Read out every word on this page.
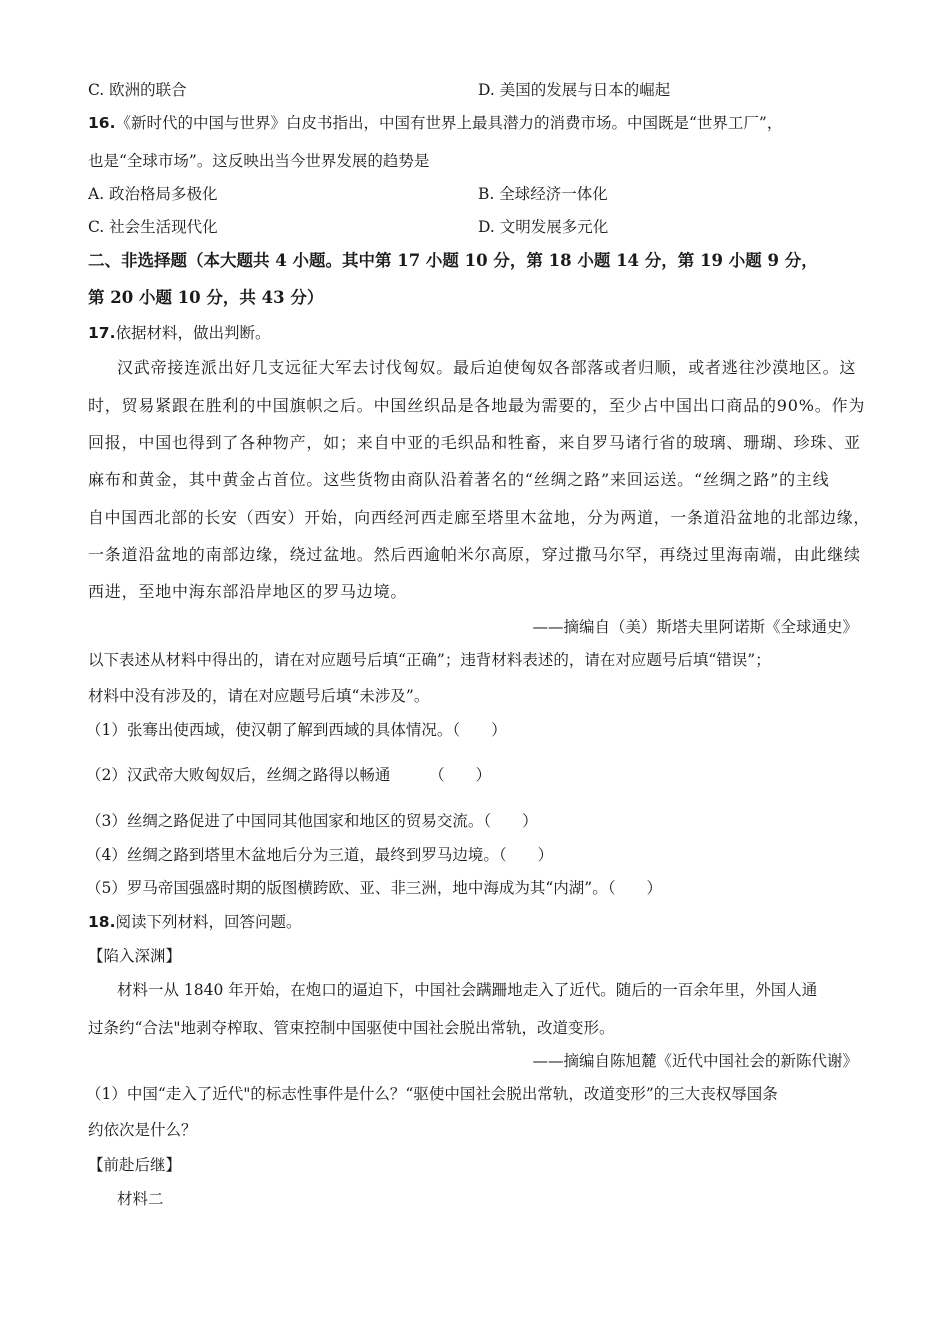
C. 欧洲的联合	D. 美国的发展与日本的崛起
16.《新时代的中国与世界》白皮书指出，中国有世界上最具潜力的消费市场。中国既是“世界工厂”，
也是“全球市场”。这反映出当今世界发展的趋势是
A. 政治格局多极化	B. 全球经济一体化
C. 社会生活现代化	D. 文明发展多元化
二、非选择题（本大题共 4 小题。其中第 17 小题 10 分，第 18 小题 14 分，第 19 小题 9 分，
第 20 小题 10 分，共 43 分）
17.依据材料，做出判断。
汉武帝接连派出好几支远征大军去讨伐匈奴。最后迫使匈奴各部落或者归顺，或者逃往沙漠地区。这
时，贸易紧跟在胜利的中国旗帜之后。中国丝织品是各地最为需要的，至少占中国出口商品的90%。作为
回报，中国也得到了各种物产，如；来自中亚的毛织品和牲畜，来自罗马诸行省的玻璃、珊瑚、珍珠、亚
麻布和黄金，其中黄金占首位。这些货物由商队沿着著名的“丝绸之路”来回运送。“丝绸之路”的主线
自中国西北部的长安（西安）开始，向西经河西走廊至塔里木盆地，分为两道，一条道沿盆地的北部边缘，
一条道沿盆地的南部边缘，绕过盆地。然后西逾帕米尔高原，穿过撒马尔罕，再绕过里海南端，由此继续
西进，至地中海东部沿岸地区的罗马边境。
——摘编自（美）斯塔夫里阿诺斯《全球通史》
以下表述从材料中得出的，请在对应题号后填“正确”；违背材料表述的，请在对应题号后填“错误”；
材料中没有涉及的，请在对应题号后填“未涉及”。
（1）张骞出使西域，使汉朝了解到西域的具体情况。（　　）
（2）汉武帝大败匈奴后，丝绸之路得以畅通　　　（　　）
（3）丝绸之路促进了中国同其他国家和地区的贸易交流。（　　）
（4）丝绸之路到塔里木盆地后分为三道，最终到罗马边境。（　　）
（5）罗马帝国强盛时期的版图横跨欧、亚、非三洲，地中海成为其“内湖”。（　　）
18.阅读下列材料，回答问题。
【陷入深渊】
材料一从 1840 年开始，在炮口的逼迫下，中国社会蹒跚地走入了近代。随后的一百余年里，外国人通
过条约“合法"地剥夺榨取、管束控制中国驱使中国社会脱出常轨，改道变形。
——摘编自陈旭麓《近代中国社会的新陈代谢》
（1）中国“走入了近代"的标志性事件是什么？“驱使中国社会脱出常轨，改道变形”的三大丧权辱国条
约依次是什么？
【前赴后继】
材料二
